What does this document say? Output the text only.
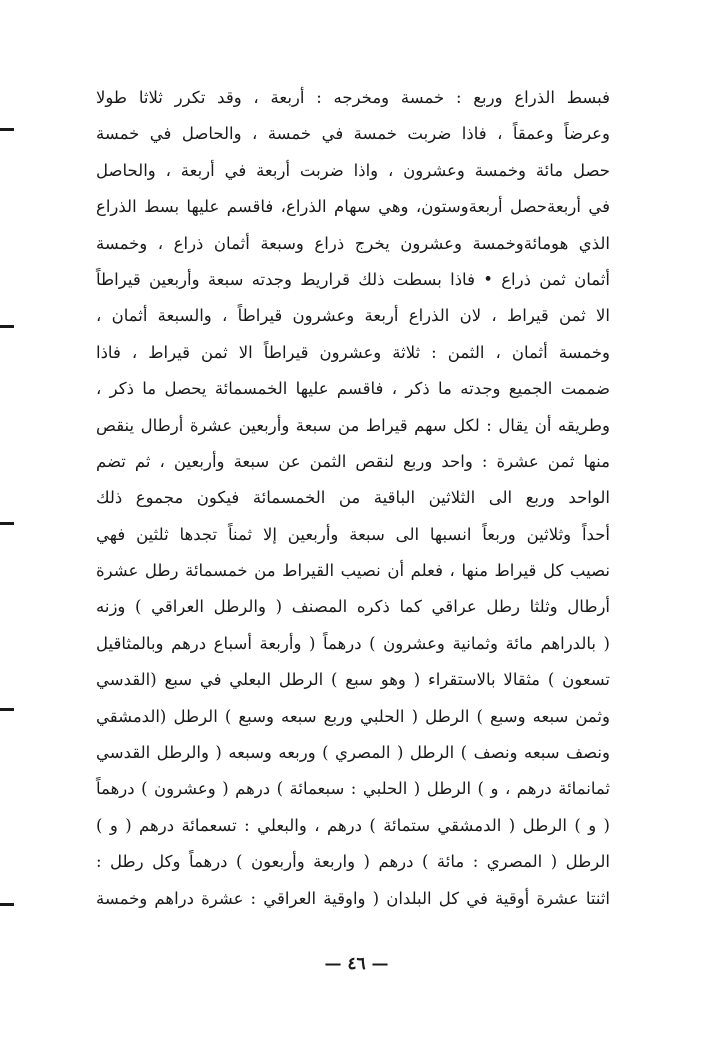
فبسط الذراع وربع : خمسة ومخرجه : أربعة ، وقد تكرر ثلاثا طولا
وعرضاً وعمقاً ، فاذا ضربت خمسة في خمسة ، والحاصل في خمسة
حصل مائة وخمسة وعشرون ، واذا ضربت أربعة في أربعة ، والحاصل
في أربعةحصل أربعةوستون، وهي سهام الذراع، فاقسم عليها بسط الذراع
الذي هومائةوخمسة وعشرون يخرج ذراع وسبعة أثمان ذراع ، وخمسة
أثمان ثمن ذراع • فاذا بسطت ذلك قراريط وجدته سبعة وأربعين قيراطاً
الا ثمن قيراط ، لان الذراع أربعة وعشرون قيراطاً ، والسبعة أثمان ،
وخمسة أثمان ، الثمن : ثلاثة وعشرون قيراطاً الا ثمن قيراط ، فاذا
ضممت الجميع وجدته ما ذكر ، فاقسم عليها الخمسمائة يحصل ما ذكر ،
وطريقه أن يقال : لكل سهم قيراط من سبعة وأربعين عشرة أرطال ينقص
منها ثمن عشرة : واحد وربع لنقص الثمن عن سبعة وأربعين ، ثم تضم
الواحد وربع الى الثلاثين الباقية من الخمسمائة فيكون مجموع ذلك
أحداً وثلاثين وربعاً انسبها الى سبعة وأربعين إلا ثمناً تجدها ثلثين فهي
نصيب كل قيراط منها ، فعلم أن نصيب القيراط من خمسمائة رطل عشرة
أرطال وثلثا رطل عراقي كما ذكره المصنف ( والرطل العراقي ) وزنه
( بالدراهم مائة وثمانية وعشرون ) درهماً ( وأربعة أسباع درهم وبالمثاقيل
تسعون ) مثقالا بالاستقراء ( وهو سبع ) الرطل البعلي في سبع (القدسي
وثمن سبعه وسبع ) الرطل ( الحلبي وربع سبعه وسبع ) الرطل (الدمشقي
ونصف سبعه ونصف ) الرطل ( المصري ) وربعه وسبعه ( والرطل القدسي
ثمانمائة درهم ، و ) الرطل ( الحلبي : سبعمائة ) درهم ( وعشرون ) درهماً
( و ) الرطل ( الدمشقي ستمائة ) درهم ، والبعلي : تسعمائة درهم ( و )
الرطل ( المصري : مائة ) درهم ( واربعة وأربعون ) درهماً وكل رطل :
اثنتا عشرة أوقية في كل البلدان ( واوقية العراقي : عشرة دراهم وخمسة
— ٤٦ —
